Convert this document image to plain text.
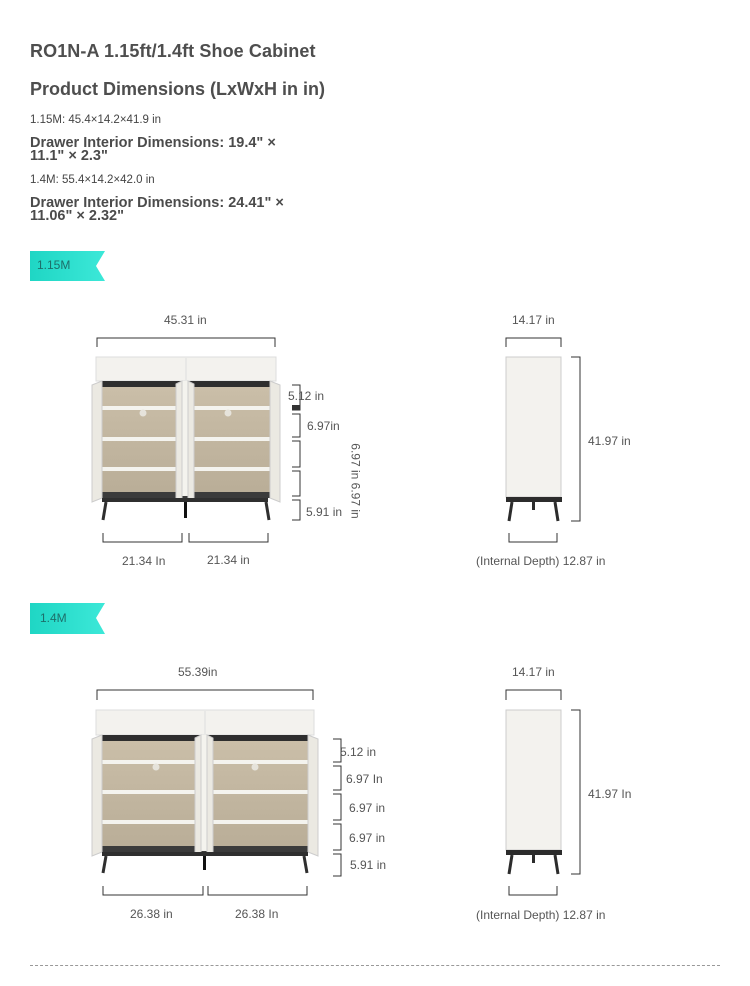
RO1N-A 1.15ft/1.4ft Shoe Cabinet
Product Dimensions (LxWxH in in)
1.15M: 45.4×14.2×41.9 in
Drawer Interior Dimensions: 19.4" ×
11.1" × 2.3"
1.4M: 55.4×14.2×42.0 in
Drawer Interior Dimensions: 24.41" ×
11.06" × 2.32"
1.15M
1.4M
45.31 in
5.12 in
6.97in
6.97 in 6.97 in
5.91 in
21.34 In	21.34 in
14.17 in
41.97 in
(Internal Depth) 12.87 in
55.39in
5.12 in
6.97 In
6.97 in
6.97 in
5.91 in
26.38 in	26.38 In
14.17 in
41.97 In
(Internal Depth) 12.87 in
